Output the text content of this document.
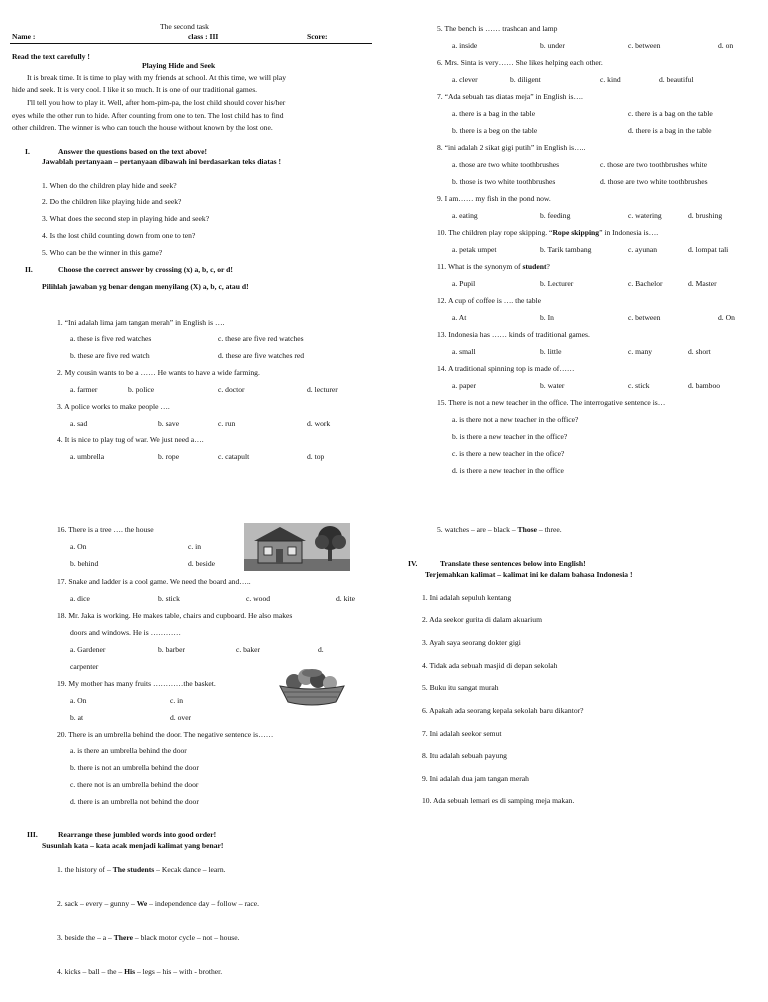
The second task
Name :	class : III	Score:
Read the text carefully !
Playing Hide and Seek
It is break time. It is time to play with my friends at school. At this time, we will play
hide and seek. It is very cool. I like it so much. It is one of our traditional games.
I'll tell you how to play it. Well, after hom-pim-pa, the lost child should cover his/her
eyes while the other run to hide. After counting from one to ten. The lost child has to find
other children. The winner is who can touch the house without known by the lost one.
I.	Answer the questions based on the text above!
Jawablah pertanyaan – pertanyaan dibawah ini berdasarkan teks diatas !
1. When do the children play hide and seek?
2. Do the children like playing hide and seek?
3. What does the second step in playing hide and seek?
4. Is the lost child counting down from one to ten?
5. Who can be the winner in this game?
II.	Choose the correct answer by crossing (x) a, b, c, or d!
Pilihlah jawaban yg benar dengan menyilang (X) a, b, c, atau d!
1. “Ini adalah lima jam tangan merah” in English is ….
a. these is five red watches	c. these are five red watches
b. these are five red watch	d. these are five watches red
2. My cousin wants to be a …… He wants to have a wide farming.
a. farmer	b. police	c. doctor	d. lecturer
3. A police works to make people ….
a. sad	b. save	c. run	d. work
4. It is nice to play tug of war. We just need a….
a. umbrella	b. rope	c. catapult	d. top
5. The bench is …… trashcan and lamp
a. inside	b. under	c. between	d. on
6. Mrs. Sinta is very…… She likes helping each other.
a. clever	b. diligent	c. kind	d. beautiful
7. “Ada sebuah tas diatas meja” in English is….
a. there is a bag in the table	c. there is a bag on the table
b. there is a beg on the table	d. there is a bag in the table
8. “ini adalah 2 sikat gigi putih” in English is…..
a. those are two white toothbrushes	c. those are two toothbrushes white
b. those is two white toothbrushes	d. those are two white toothbrushes
9. I am…… my fish in the pond now.
a. eating	b. feeding	c. watering	d. brushing
10. The children play rope skipping. “Rope skipping” in Indonesia is….
a. petak umpet	b. Tarik tambang	c. ayunan	d. lompat tali
11. What is the synonym of student?
a. Pupil	b. Lecturer	c. Bachelor	d. Master
12. A cup of coffee is …. the table
a. At	b. In	c. between	d. On
13. Indonesia has …… kinds of traditional games.
a. small	b. little	c. many	d. short
14. A traditional spinning top is made of……
a. paper	b. water	c. stick	d. bamboo
15. There is not a new teacher in the office. The interrogative sentence is…
a. is there not a new teacher in the office?
b. is there a new teacher in the office?
c. is there a new teacher in the ofice?
d. is there a new teacher in the office
16. There is a tree …. the house
a. On	c. in
b. behind	d. beside
17. Snake and ladder is a cool game. We need the board and…..
a. dice	b. stick	c. wood	d. kite
18. Mr. Jaka is working. He makes table, chairs and cupboard. He also makes
doors and windows. He is …………
a. Gardener	b. barber	c. baker	d.
carpenter
19. My mother has many fruits …………the basket.
a. On	c. in
b. at	d. over
20. There is an umbrella behind the door. The negative sentence is……
a. is there an umbrella behind the door
b. there is not an umbrella behind the door
c. there not is an umbrella behind the door
d. there is an umbrella not behind the door
III.	Rearrange these jumbled words into good order!
Susunlah kata – kata acak menjadi kalimat yang benar!
1. the history of – The students – Kecak dance – learn.
2. sack – every – gunny – We – independence day – follow – race.
3. beside the – a – There – black motor cycle – not – house.
4. kicks – ball – the – His – legs – his – with - brother.
5. watches – are – black – Those – three.
IV.	Translate these sentences below into English!
Terjemahkan kalimat – kalimat ini ke dalam bahasa Indonesia !
1. Ini adalah sepuluh kentang
2. Ada seekor gurita di dalam akuarium
3. Ayah saya seorang dokter gigi
4. Tidak ada sebuah masjid di depan sekolah
5. Buku itu sangat murah
6. Apakah ada seorang kepala sekolah baru dikantor?
7. Ini adalah seekor semut
8. Itu adalah sebuah payung
9. Ini adalah dua jam tangan merah
10. Ada sebuah lemari es di samping meja makan.
